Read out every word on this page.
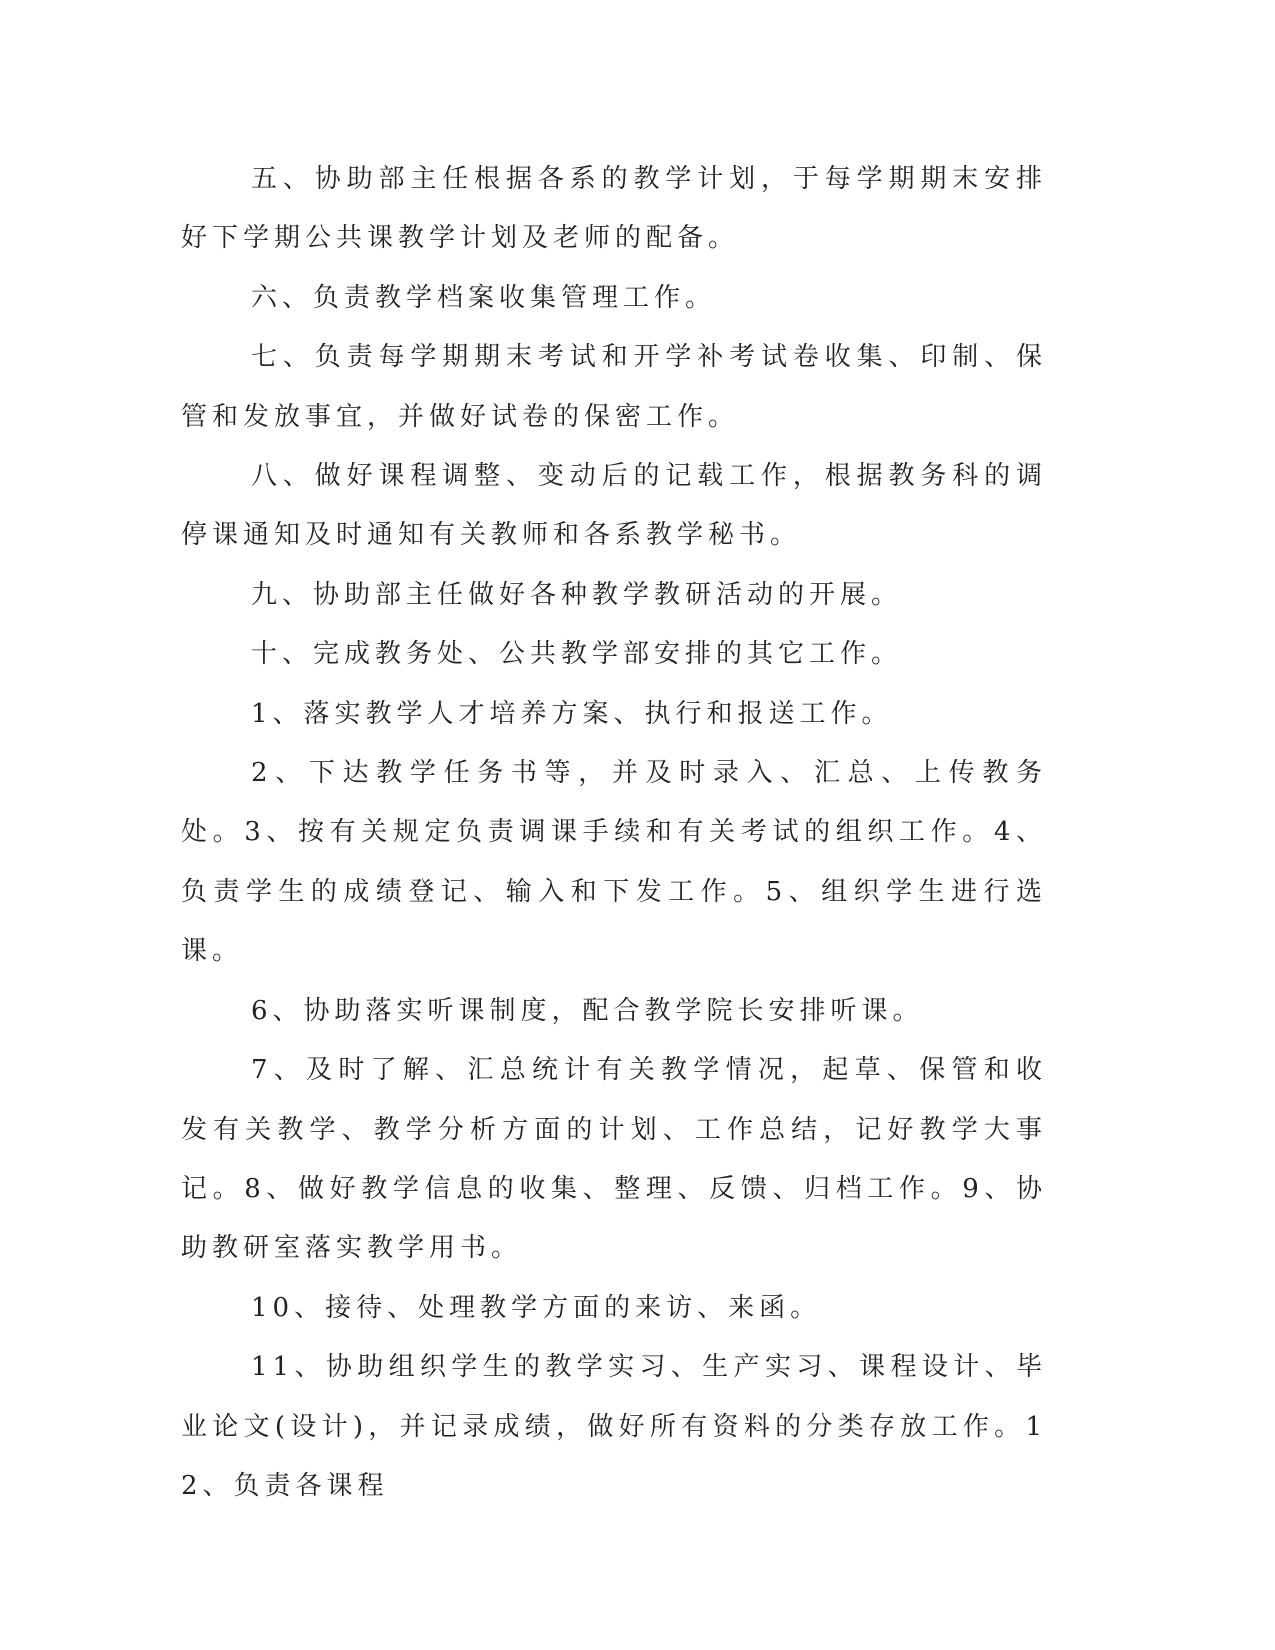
五、协助部主任根据各系的教学计划，于每学期期末安排好下学期公共课教学计划及老师的配备。

六、负责教学档案收集管理工作。

七、负责每学期期末考试和开学补考试卷收集、印制、保管和发放事宜，并做好试卷的保密工作。

八、做好课程调整、变动后的记载工作，根据教务科的调停课通知及时通知有关教师和各系教学秘书。

九、协助部主任做好各种教学教研活动的开展。

十、完成教务处、公共教学部安排的其它工作。

1、落实教学人才培养方案、执行和报送工作。

2、下达教学任务书等，并及时录入、汇总、上传教务处。3、按有关规定负责调课手续和有关考试的组织工作。4、负责学生的成绩登记、输入和下发工作。5、组织学生进行选课。

6、协助落实听课制度，配合教学院长安排听课。

7、及时了解、汇总统计有关教学情况，起草、保管和收发有关教学、教学分析方面的计划、工作总结，记好教学大事记。8、做好教学信息的收集、整理、反馈、归档工作。9、协助教研室落实教学用书。

10、接待、处理教学方面的来访、来函。

11、协助组织学生的教学实习、生产实习、课程设计、毕业论文(设计)，并记录成绩，做好所有资料的分类存放工作。12、负责各课程
